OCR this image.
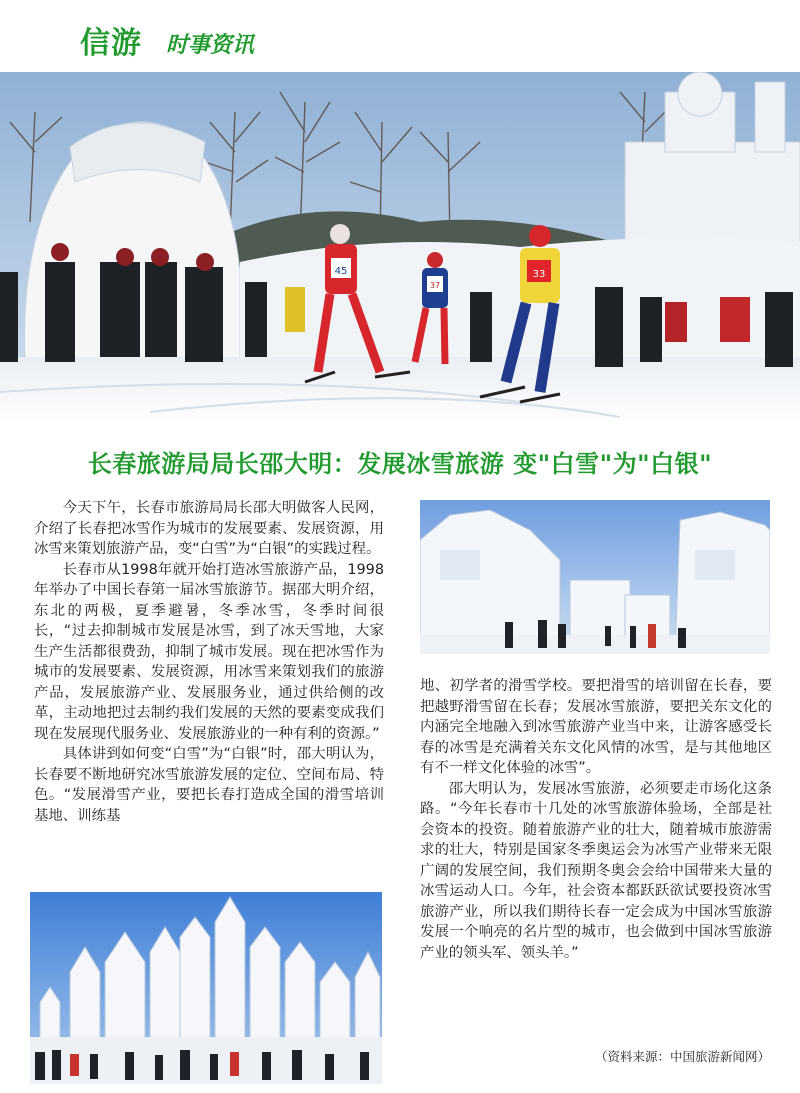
信游 时事资讯
45
37
33
长春旅游局局长邵大明：发展冰雪旅游 变"白雪"为"白银"

今天下午，长春市旅游局局长邵大明做客人民网，介绍了长春把冰雪作为城市的发展要素、发展资源，用冰雪来策划旅游产品，变“白雪”为“白银”的实践过程。

长春市从1998年就开始打造冰雪旅游产品，1998年举办了中国长春第一届冰雪旅游节。据邵大明介绍，东北的两极，夏季避暑，冬季冰雪，冬季时间很长，“过去抑制城市发展是冰雪，到了冰天雪地，大家生产生活都很费劲，抑制了城市发展。现在把冰雪作为城市的发展要素、发展资源，用冰雪来策划我们的旅游产品，发展旅游产业、发展服务业，通过供给侧的改革，主动地把过去制约我们发展的天然的要素变成我们现在发展现代服务业、发展旅游业的一种有利的资源。”

具体讲到如何变“白雪”为“白银”时，邵大明认为，长春要不断地研究冰雪旅游发展的定位、空间布局、特色。“发展滑雪产业，要把长春打造成全国的滑雪培训基地、训练基

地、初学者的滑雪学校。要把滑雪的培训留在长春，要把越野滑雪留在长春；发展冰雪旅游，要把关东文化的内涵完全地融入到冰雪旅游产业当中来，让游客感受长春的冰雪是充满着关东文化风情的冰雪，是与其他地区有不一样文化体验的冰雪”。

邵大明认为，发展冰雪旅游，必须要走市场化这条路。“今年长春市十几处的冰雪旅游体验场，全部是社会资本的投资。随着旅游产业的壮大，随着城市旅游需求的壮大，特别是国家冬季奥运会为冰雪产业带来无限广阔的发展空间，我们预期冬奥会会给中国带来大量的冰雪运动人口。今年，社会资本都跃跃欲试要投资冰雪旅游产业，所以我们期待长春一定会成为中国冰雪旅游发展一个响亮的名片型的城市，也会做到中国冰雪旅游产业的领头军、领头羊。”

（资料来源：中国旅游新闻网）
